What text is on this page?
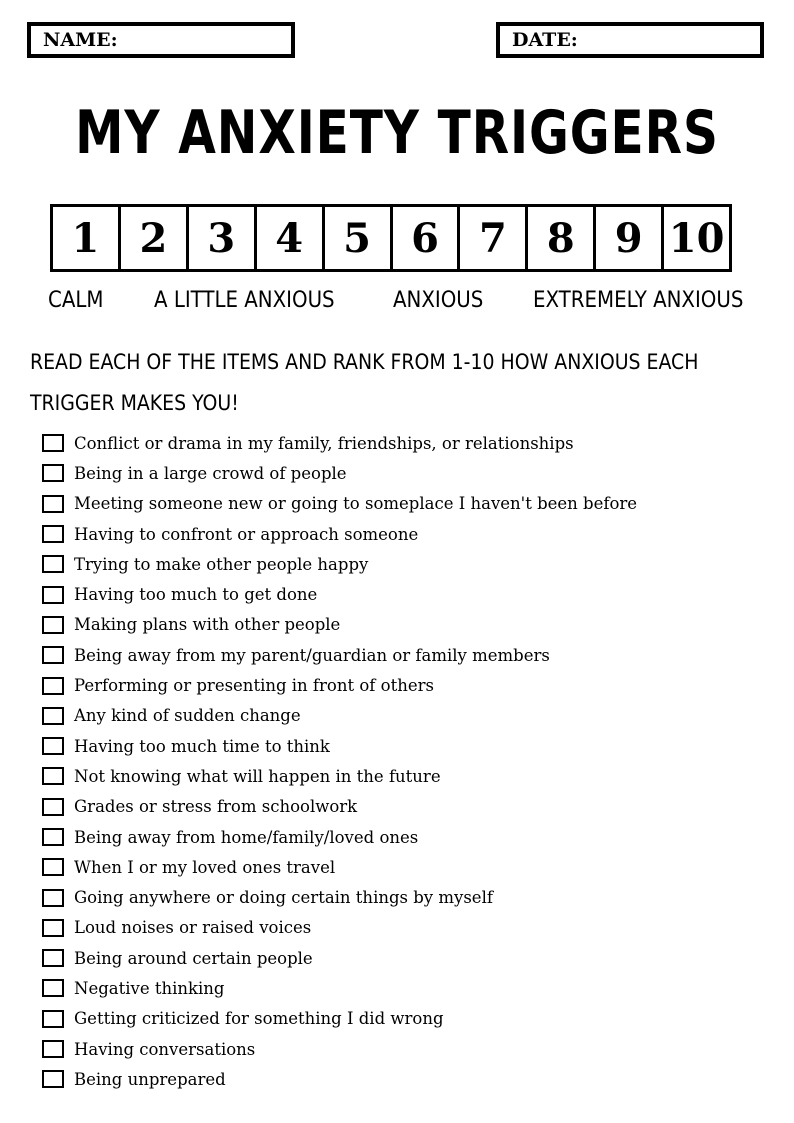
NAME:	DATE:
MY ANXIETY TRIGGERS
1	2	3	4	5	6	7	8	9 10
CALM A LITTLE ANXIOUS	ANXIOUS EXTREMELY ANXIOUS

READ EACH OF THE ITEMS AND RANK FROM 1-10 HOW ANXIOUS EACH TRIGGER MAKES YOU!

Conflict or drama in my family, friendships, or relationships
Being in a large crowd of people
Meeting someone new or going to someplace I haven't been before
Having to confront or approach someone
Trying to make other people happy
Having too much to get done
Making plans with other people
Being away from my parent/guardian or family members
Performing or presenting in front of others
Any kind of sudden change
Having too much time to think
Not knowing what will happen in the future
Grades or stress from schoolwork
Being away from home/family/loved ones
When I or my loved ones travel
Going anywhere or doing certain things by myself
Loud noises or raised voices
Being around certain people
Negative thinking
Getting criticized for something I did wrong
Having conversations
Being unprepared
